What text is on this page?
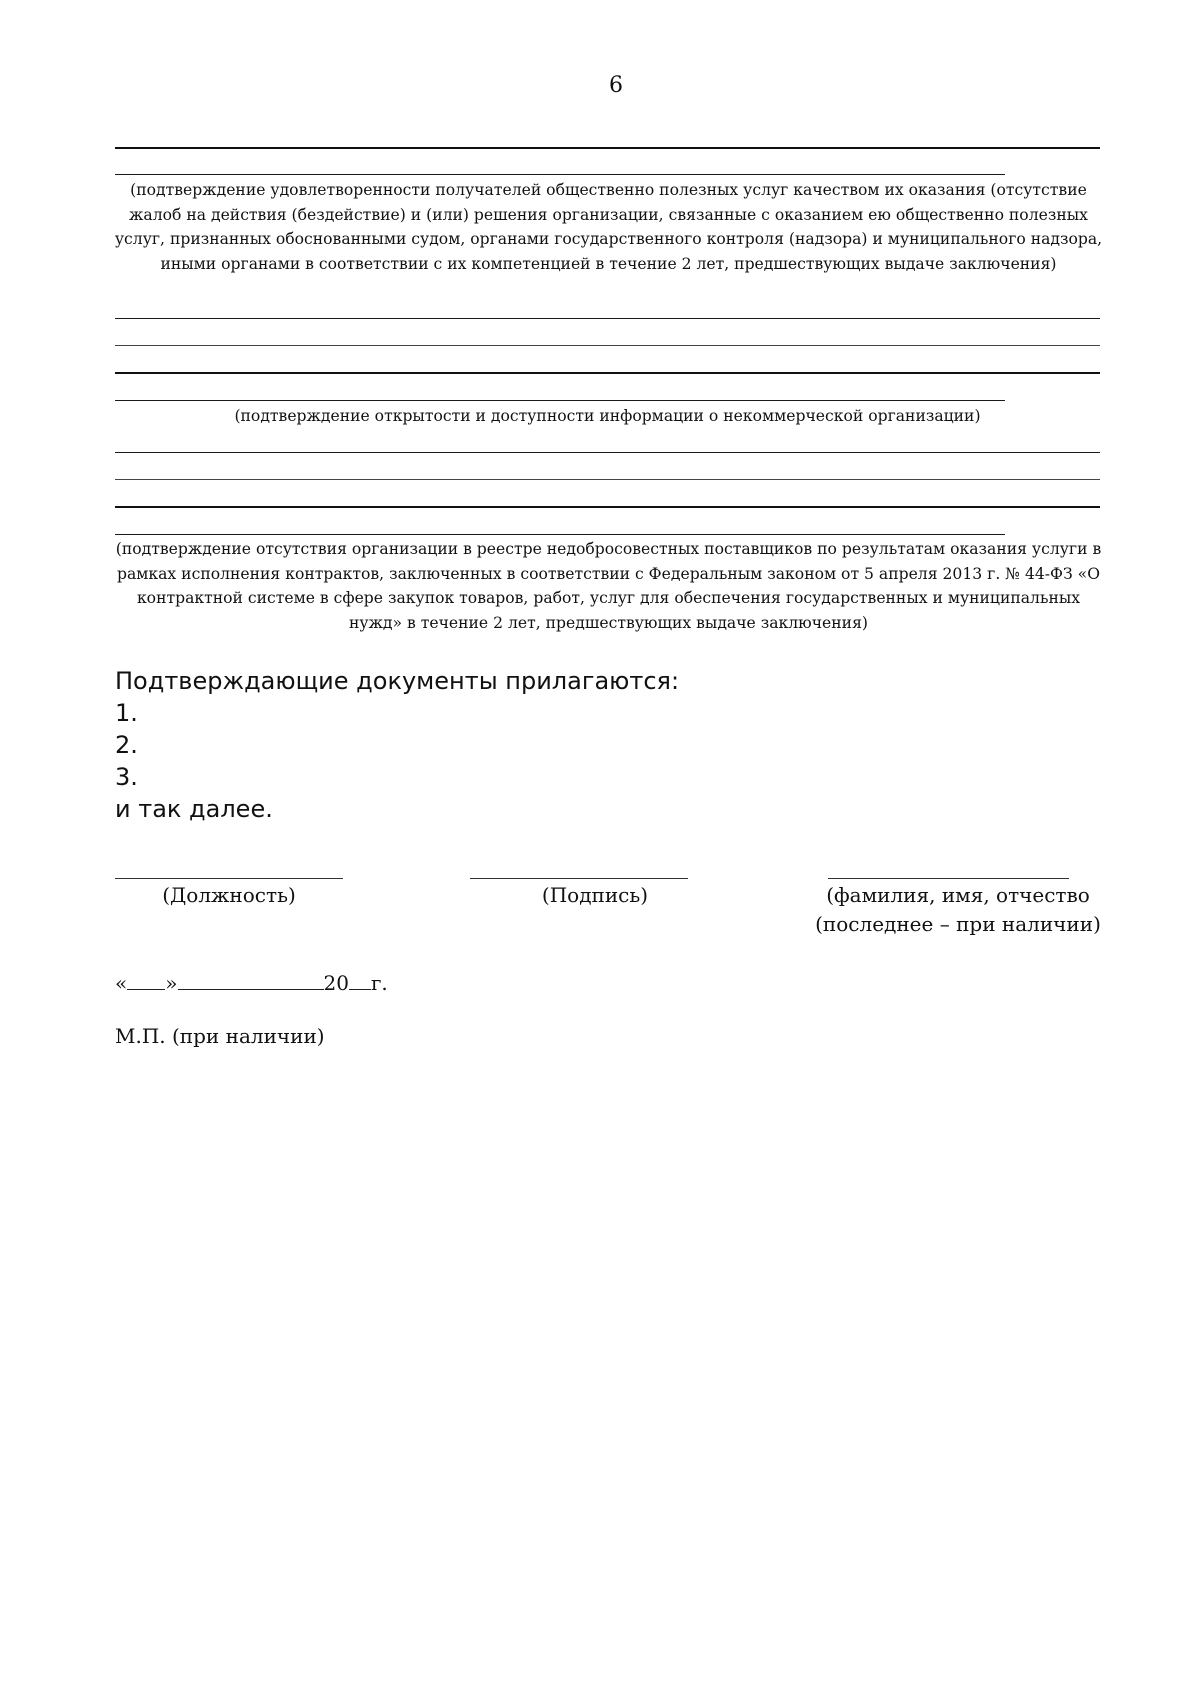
6
(подтверждение удовлетворенности получателей общественно полезных услуг качеством их оказания (отсутствие жалоб на действия (бездействие) и (или) решения организации, связанные с оказанием ею общественно полезных услуг, признанных обоснованными судом, органами государственного контроля (надзора) и муниципального надзора, иными органами в соответствии с их компетенцией в течение 2 лет, предшествующих выдаче заключения)
(подтверждение открытости и доступности информации о некоммерческой организации)
(подтверждение отсутствия организации в реестре недобросовестных поставщиков по результатам оказания услуги в рамках исполнения контрактов, заключенных в соответствии с Федеральным законом от 5 апреля 2013 г. № 44-ФЗ «О контрактной системе в сфере закупок товаров, работ, услуг для обеспечения государственных и муниципальных нужд» в течение 2 лет, предшествующих выдаче заключения)
Подтверждающие документы прилагаются:
1.
2.
3.
и так далее.
(Должность)	(Подпись)	(фамилия, имя, отчество
(последнее – при наличии)
« »	20 г.
М.П. (при наличии)
